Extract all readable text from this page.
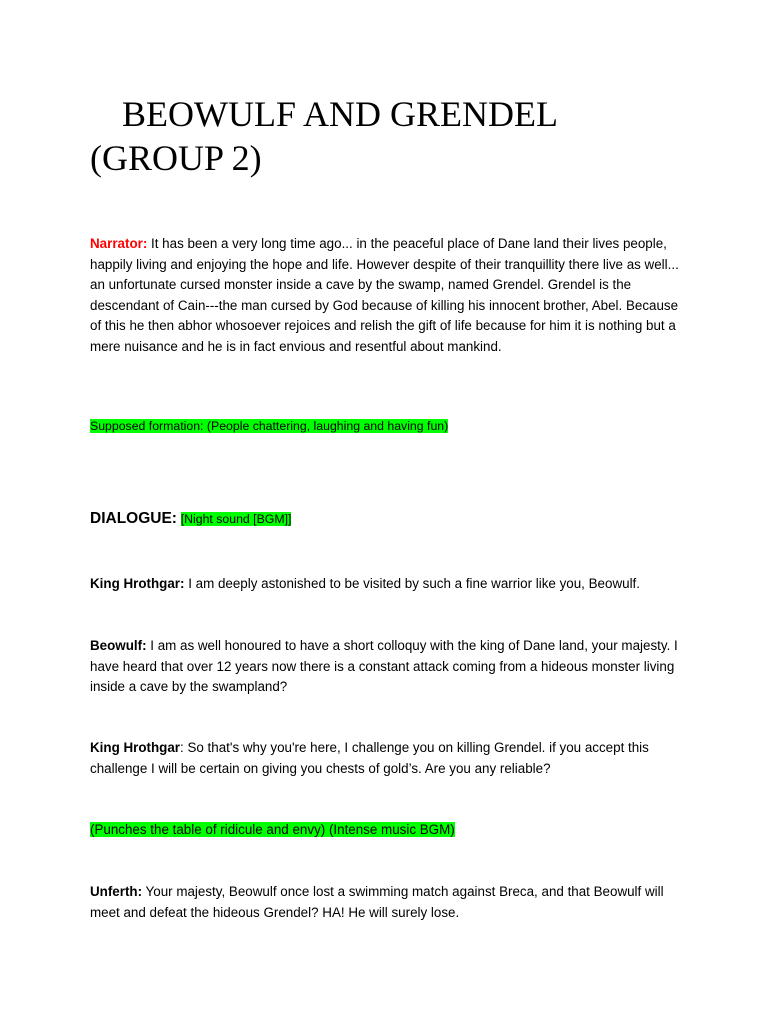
BEOWULF AND GRENDEL (GROUP 2)

Narrator: It has been a very long time ago... in the peaceful place of Dane land their lives people, happily living and enjoying the hope and life. However despite of their tranquillity there live as well... an unfortunate cursed monster inside a cave by the swamp, named Grendel. Grendel is the descendant of Cain---the man cursed by God because of killing his innocent brother, Abel. Because of this he then abhor whosoever rejoices and relish the gift of life because for him it is nothing but a mere nuisance and he is in fact envious and resentful about mankind.

Supposed formation: (People chattering, laughing and having fun)

DIALOGUE: [Night sound [BGM]]

King Hrothgar: I am deeply astonished to be visited by such a fine warrior like you, Beowulf.

Beowulf: I am as well honoured to have a short colloquy with the king of Dane land, your majesty. I have heard that over 12 years now there is a constant attack coming from a hideous monster living inside a cave by the swampland?

King Hrothgar: So that's why you're here, I challenge you on killing Grendel. if you accept this challenge I will be certain on giving you chests of gold’s. Are you any reliable?

(Punches the table of ridicule and envy) (Intense music BGM)

Unferth: Your majesty, Beowulf once lost a swimming match against Breca, and that Beowulf will meet and defeat the hideous Grendel? HA! He will surely lose.
